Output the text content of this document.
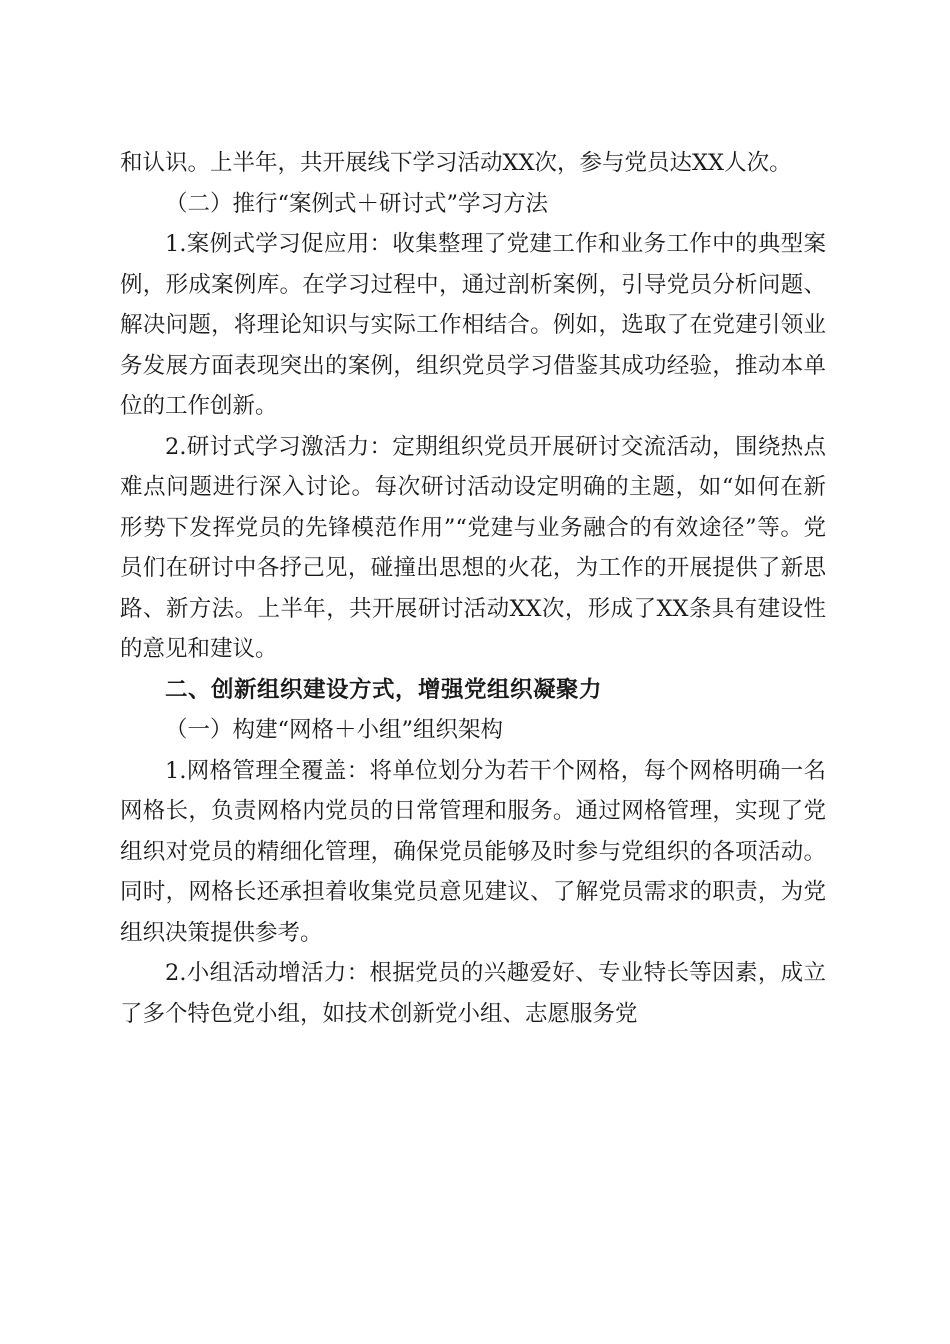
和认识。上半年，共开展线下学习活动XX次，参与党员达XX人次。

（二）推行“案例式＋研讨式”学习方法

1.案例式学习促应用：收集整理了党建工作和业务工作中的典型案例，形成案例库。在学习过程中，通过剖析案例，引导党员分析问题、解决问题，将理论知识与实际工作相结合。例如，选取了在党建引领业务发展方面表现突出的案例，组织党员学习借鉴其成功经验，推动本单位的工作创新。

2.研讨式学习激活力：定期组织党员开展研讨交流活动，围绕热点难点问题进行深入讨论。每次研讨活动设定明确的主题，如“如何在新形势下发挥党员的先锋模范作用”“党建与业务融合的有效途径”等。党员们在研讨中各抒己见，碰撞出思想的火花，为工作的开展提供了新思路、新方法。上半年，共开展研讨活动XX次，形成了XX条具有建设性的意见和建议。

二、创新组织建设方式，增强党组织凝聚力

（一）构建“网格＋小组”组织架构

1.网格管理全覆盖：将单位划分为若干个网格，每个网格明确一名网格长，负责网格内党员的日常管理和服务。通过网格管理，实现了党组织对党员的精细化管理，确保党员能够及时参与党组织的各项活动。同时，网格长还承担着收集党员意见建议、了解党员需求的职责，为党组织决策提供参考。

2.小组活动增活力：根据党员的兴趣爱好、专业特长等因素，成立了多个特色党小组，如技术创新党小组、志愿服务党
